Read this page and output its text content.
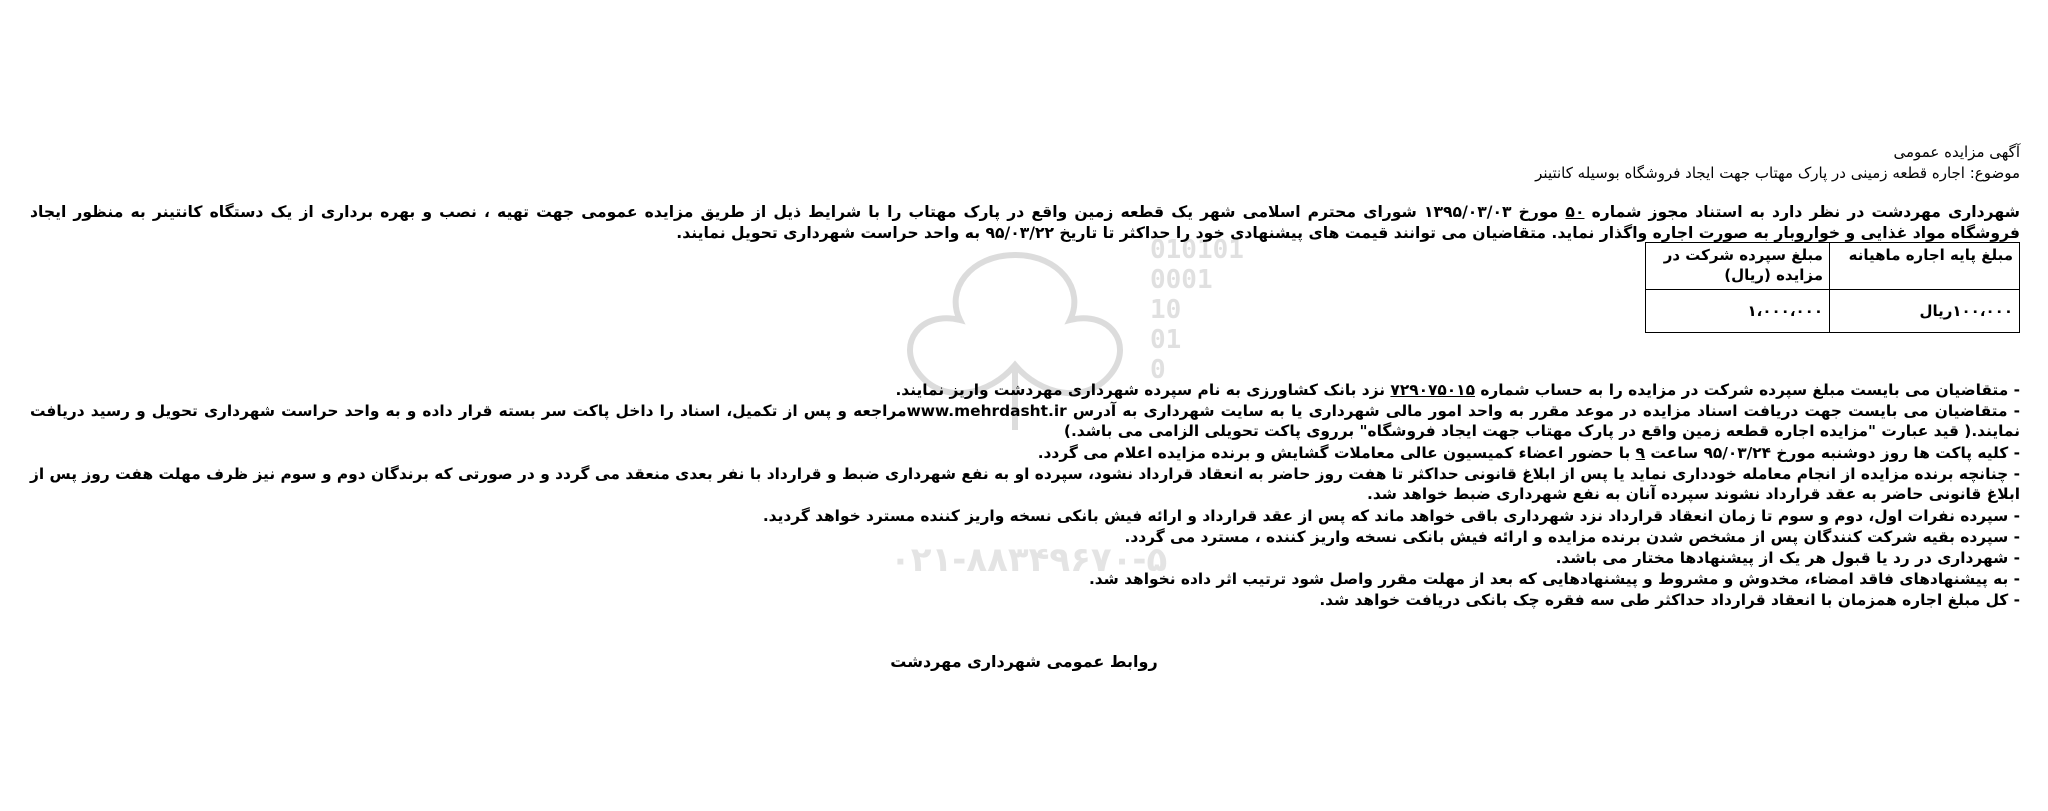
010101
0001
10
01
0
۰۲۱-۸۸۳۴۹۶۷۰-۵
آگهی مزایده عمومی
موضوع: اجاره قطعه زمینی در پارک مهتاب جهت ایجاد فروشگاه بوسیله کانتینر
شهرداری مهردشت در نظر دارد به استناد مجوز شماره ۵۰ مورخ ۱۳۹۵/۰۳/۰۳ شورای محترم اسلامی شهر یک قطعه زمین واقع در پارک مهتاب را با شرایط ذیل از طریق مزایده عمومی جهت تهیه ، نصب و بهره برداری از یک دستگاه کانتینر به منظور ایجاد فروشگاه مواد غذایی و خواروبار به صورت اجاره واگذار نماید. متقاضیان می توانند قیمت های پیشنهادی خود را حداکثر تا تاریخ ۹۵/۰۳/۲۲ به واحد حراست شهرداری تحویل نمایند.
مبلغ پایه اجاره ماهیانه	مبلغ سپرده شرکت در مزایده (ریال)
۱۰۰،۰۰۰ریال	۱،۰۰۰،۰۰۰
- متقاضیان می بایست مبلغ سپرده شرکت در مزایده را به حساب شماره ۷۲۹۰۷۵۰۱۵ نزد بانک کشاورزی به نام سپرده شهرداری مهردشت واریز نمایند.
- متقاضیان می بایست جهت دریافت اسناد مزایده در موعد مقرر به واحد امور مالی شهرداری یا به سایت شهرداری به آدرس www.mehrdasht.irمراجعه و پس از تکمیل، اسناد را داخل پاکت سر بسته قرار داده و به واحد حراست شهرداری تحویل و رسید دریافت نمایند.( قید عبارت "مزایده اجاره قطعه زمین واقع در پارک مهتاب جهت ایجاد فروشگاه" برروی پاکت تحویلی الزامی می باشد.)
- کلیه پاکت ها روز دوشنبه مورخ ۹۵/۰۳/۲۴ ساعت ۹ با حضور اعضاء کمیسیون عالی معاملات گشایش و برنده مزایده اعلام می گردد.
- چنانچه برنده مزایده از انجام معامله خودداری نماید یا پس از ابلاغ قانونی حداکثر تا هفت روز حاضر به انعقاد قرارداد نشود، سپرده او به نفع شهرداری ضبط و قرارداد با نفر بعدی منعقد می گردد و در صورتی که برندگان دوم و سوم نیز ظرف مهلت هفت روز پس از ابلاغ قانونی حاضر به عقد قرارداد نشوند سپرده آنان به نفع شهرداری ضبط خواهد شد.
- سپرده نفرات اول، دوم و سوم تا زمان انعقاد قرارداد نزد شهرداری باقی خواهد ماند که پس از عقد قرارداد و ارائه فیش بانکی نسخه واریز کننده مسترد خواهد گردید.
- سپرده بقیه شرکت کنندگان پس از مشخص شدن برنده مزایده و ارائه فیش بانکی نسخه واریز کننده ، مسترد می گردد.
- شهرداری در رد یا قبول هر یک از پیشنهادها مختار می باشد.
- به پیشنهادهای فاقد امضاء، مخدوش و مشروط و پیشنهادهایی که بعد از مهلت مقرر واصل شود ترتیب اثر داده نخواهد شد.
- کل مبلغ اجاره همزمان با انعقاد قرارداد حداکثر طی سه فقره چک بانکی دریافت خواهد شد.
روابط عمومی شهرداری مهردشت
